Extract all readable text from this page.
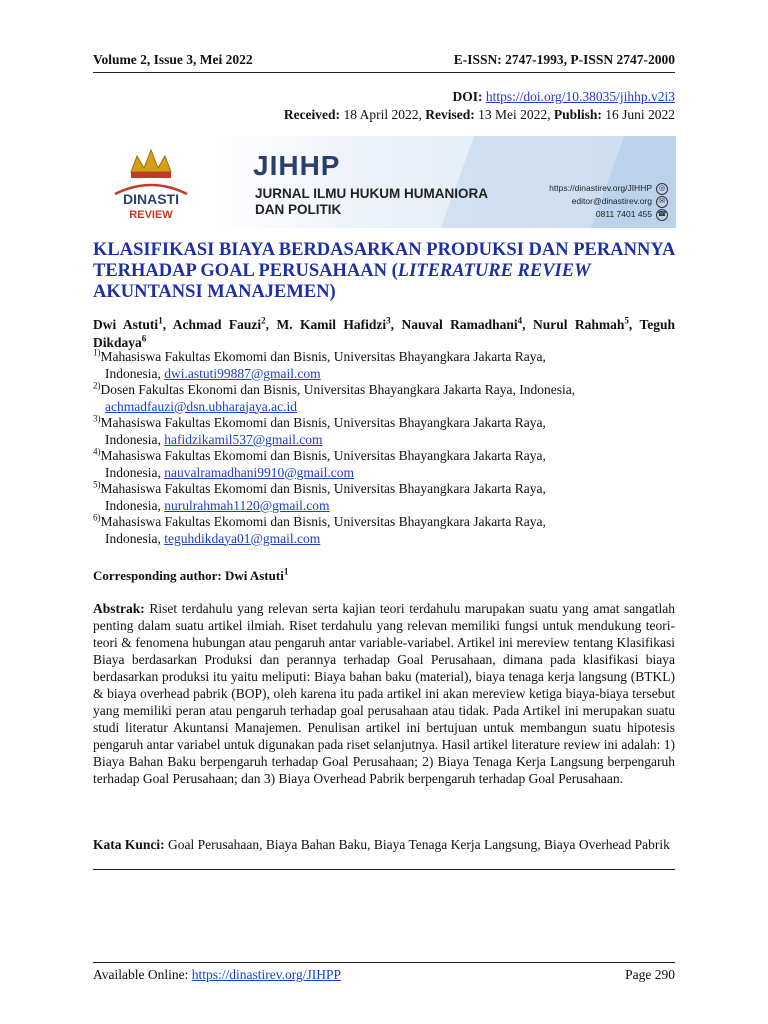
Volume 2, Issue 3, Mei 2022	E-ISSN: 2747-1993, P-ISSN 2747-2000
DOI: https://doi.org/10.38035/jihhp.v2i3
Received: 18 April 2022, Revised: 13 Mei 2022, Publish: 16 Juni 2022
DINASTI
REVIEW
JIHHP
JURNAL ILMU HUKUM HUMANIORA
DAN POLITIK
https://dinastirev.org/JIHHP ◎
editor@dinastirev.org	✉
0811 7401 455 ☎
KLASIFIKASI BIAYA BERDASARKAN PRODUKSI DAN PERANNYA TERHADAP GOAL PERUSAHAAN (LITERATURE REVIEW
AKUNTANSI MANAJEMEN)
Dwi Astuti$^1$, Achmad Fauzi$^2$, M. Kamil Hafidzi$^3$, Nauval Ramadhani$^4$, Nurul Rahmah$^5$, Teguh Dikdaya$^6$
$^{1)}$Mahasiswa Fakultas Ekomomi dan Bisnis, Universitas Bhayangkara Jakarta Raya,
Indonesia, dwi.astuti99887@gmail.com
$^{2)}$Dosen Fakultas Ekonomi dan Bisnis, Universitas Bhayangkara Jakarta Raya, Indonesia,
achmadfauzi@dsn.ubharajaya.ac.id
$^{3)}$Mahasiswa Fakultas Ekomomi dan Bisnis, Universitas Bhayangkara Jakarta Raya,
Indonesia, hafidzikamil537@gmail.com
$^{4)}$Mahasiswa Fakultas Ekomomi dan Bisnis, Universitas Bhayangkara Jakarta Raya,
Indonesia, nauvalramadhani9910@gmail.com
$^{5)}$Mahasiswa Fakultas Ekomomi dan Bisnis, Universitas Bhayangkara Jakarta Raya,
Indonesia, nurulrahmah1120@gmail.com
$^{6)}$Mahasiswa Fakultas Ekomomi dan Bisnis, Universitas Bhayangkara Jakarta Raya,
Indonesia, teguhdikdaya01@gmail.com
Corresponding author: Dwi Astuti$^1$
Abstrak: Riset terdahulu yang relevan serta kajian teori terdahulu marupakan suatu yang amat sangatlah penting dalam suatu artikel ilmiah. Riset terdahulu yang relevan memiliki fungsi untuk mendukung teori-teori & fenomena hubungan atau pengaruh antar variable-variabel. Artikel ini mereview tentang Klasifikasi Biaya berdasarkan Produksi dan perannya terhadap Goal Perusahaan, dimana pada klasifikasi biaya berdasarkan produksi itu yaitu meliputi: Biaya bahan baku (material), biaya tenaga kerja langsung (BTKL) & biaya overhead pabrik (BOP), oleh karena itu pada artikel ini akan mereview ketiga biaya-biaya tersebut yang memiliki peran atau pengaruh terhadap goal perusahaan atau tidak. Pada Artikel ini merupakan suatu studi literatur Akuntansi Manajemen. Penulisan artikel ini bertujuan untuk membangun suatu hipotesis pengaruh antar variabel untuk digunakan pada riset selanjutnya. Hasil artikel literature review ini adalah: 1) Biaya Bahan Baku berpengaruh terhadap Goal Perusahaan; 2) Biaya Tenaga Kerja Langsung berpengaruh terhadap Goal Perusahaan; dan 3) Biaya Overhead Pabrik berpengaruh terhadap Goal Perusahaan.
Kata Kunci: Goal Perusahaan, Biaya Bahan Baku, Biaya Tenaga Kerja Langsung, Biaya Overhead Pabrik
Available Online: https://dinastirev.org/JIHPP	Page 290
